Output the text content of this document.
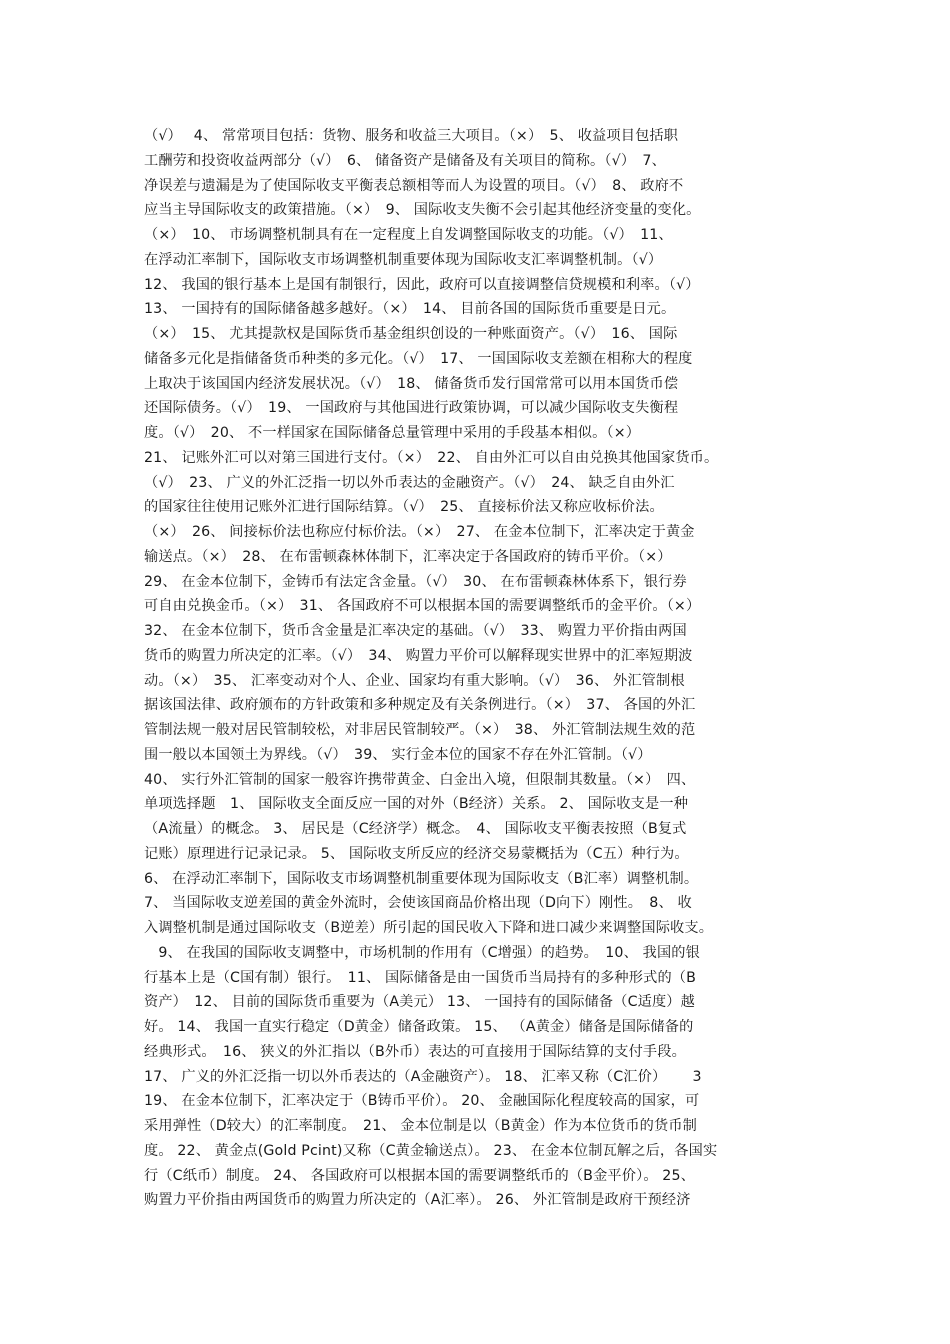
（√）　 4、 常常项目包括：货物、服务和收益三大项目。（×）　5、 收益项目包括职
工酬劳和投资收益两部分（√）　6、 储备资产是储备及有关项目的简称。（√）　7、
净误差与遗漏是为了使国际收支平衡表总额相等而人为设置的项目。（√）　8、 政府不
应当主导国际收支的政策措施。（×）　9、 国际收支失衡不会引起其他经济变量的变化。
（×）　10、 市场调整机制具有在一定程度上自发调整国际收支的功能。（√）　11、
在浮动汇率制下，国际收支市场调整机制重要体现为国际收支汇率调整机制。（√）
12、 我国的银行基本上是国有制银行，因此，政府可以直接调整信贷规模和利率。（√）
13、 一国持有的国际储备越多越好。（×）　14、 目前各国的国际货币重要是日元。
（×）　15、 尤其提款权是国际货币基金组织创设的一种账面资产。（√）　16、 国际
储备多元化是指储备货币种类的多元化。（√）　17、 一国国际收支差额在相称大的程度
上取决于该国国内经济发展状况。（√）　18、 储备货币发行国常常可以用本国货币偿
还国际债务。（√）　19、 一国政府与其他国进行政策协调，可以减少国际收支失衡程
度。（√）　20、 不一样国家在国际储备总量管理中采用的手段基本相似。（×）
21、 记账外汇可以对第三国进行支付。（×）　22、 自由外汇可以自由兑换其他国家货币。
（√）　23、 广义的外汇泛指一切以外币表达的金融资产。（√）　24、 缺乏自由外汇
的国家往往使用记账外汇进行国际结算。（√）　25、 直接标价法又称应收标价法。
（×）　26、 间接标价法也称应付标价法。（×）　27、 在金本位制下，汇率决定于黄金
输送点。（×）　28、 在布雷顿森林体制下，汇率决定于各国政府的铸币平价。（×）
29、 在金本位制下，金铸币有法定含金量。（√）　30、 在布雷顿森林体系下，银行券
可自由兑换金币。（×）　31、 各国政府不可以根据本国的需要调整纸币的金平价。（×）
32、 在金本位制下，货币含金量是汇率决定的基础。（√）　33、 购置力平价指由两国
货币的购置力所决定的汇率。（√）　34、 购置力平价可以解释现实世界中的汇率短期波
动。（×）　35、 汇率变动对个人、企业、国家均有重大影响。（√）　36、 外汇管制根
据该国法律、政府颁布的方针政策和多种规定及有关条例进行。（×）　37、 各国的外汇
管制法规一般对居民管制较松，对非居民管制较严。（×）　38、 外汇管制法规生效的范
围一般以本国领土为界线。（√）　39、 实行金本位的国家不存在外汇管制。（√）
40、 实行外汇管制的国家一般容许携带黄金、白金出入境，但限制其数量。（×）　四、
单项选择题　1、 国际收支全面反应一国的对外（B经济）关系。 2、 国际收支是一种
（A流量）的概念。 3、 居民是（C经济学）概念。　4、 国际收支平衡表按照（B复式
记账）原理进行记录记录。 5、 国际收支所反应的经济交易蒙概括为（C五）种行为。
6、 在浮动汇率制下，国际收支市场调整机制重要体现为国际收支（B汇率）调整机制。
7、 当国际收支逆差国的黄金外流时，会使该国商品价格出现（D向下）刚性。　8、 收
入调整机制是通过国际收支（B逆差）所引起的国民收入下降和进口减少来调整国际收支。
　9、 在我国的国际收支调整中，市场机制的作用有（C增强）的趋势。　10、 我国的银
行基本上是（C国有制）银行。　11、 国际储备是由一国货币当局持有的多种形式的（B
资产）　12、 目前的国际货币重要为（A美元） 13、 一国持有的国际储备（C适度）越
好。 14、 我国一直实行稳定（D黄金）储备政策。 15、 （A黄金）储备是国际储备的
经典形式。　16、 狭义的外汇指以（B外币）表达的可直接用于国际结算的支付手段。
17、 广义的外汇泛指一切以外币表达的（A金融资产）。 18、 汇率又称（C汇价）　　 3
19、 在金本位制下，汇率决定于（B铸币平价）。 20、 金融国际化程度较高的国家，可
采用弹性（D较大）的汇率制度。　21、 金本位制是以（B黄金）作为本位货币的货币制
度。 22、 黄金点(Gold Pcint)又称（C黄金输送点）。 23、 在金本位制瓦解之后，各国实
行（C纸币）制度。 24、 各国政府可以根据本国的需要调整纸币的（B金平价）。 25、
购置力平价指由两国货币的购置力所决定的（A汇率）。 26、 外汇管制是政府干预经济
